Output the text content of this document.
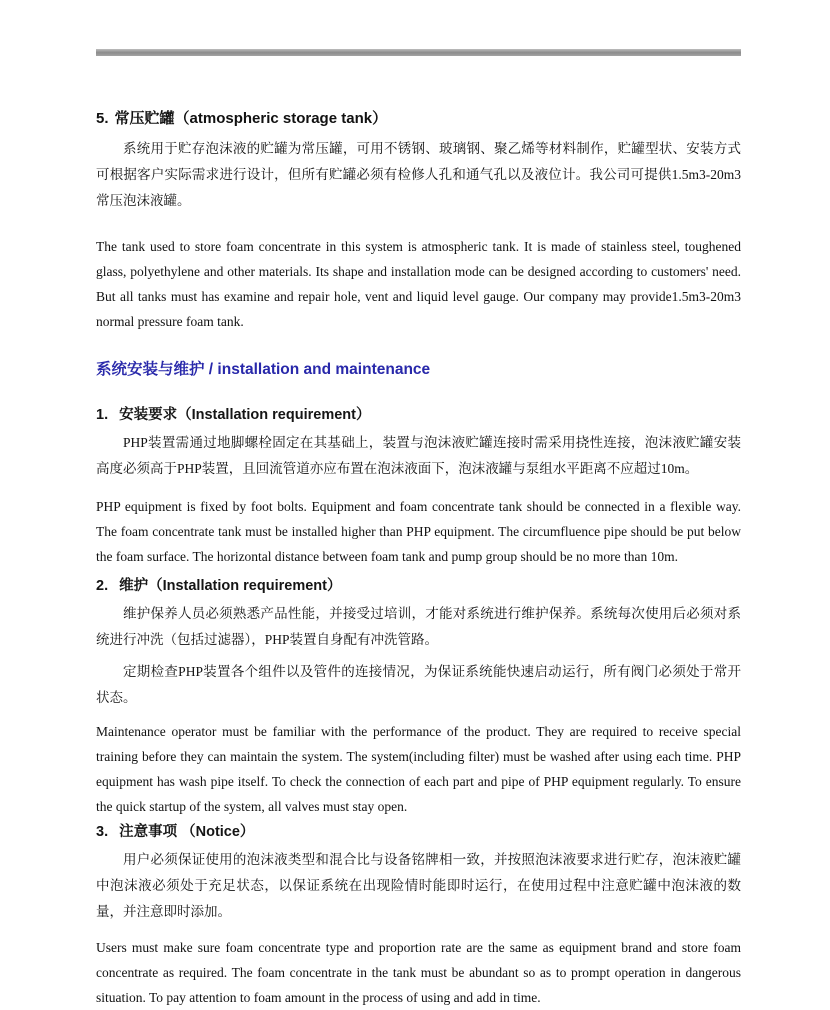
5. 常压贮罐（atmospheric storage tank）

系统用于贮存泡沫液的贮罐为常压罐，可用不锈钢、玻璃钢、聚乙烯等材料制作，贮罐型状、安装方式可根据客户实际需求进行设计，但所有贮罐必须有检修人孔和通气孔以及液位计。我公司可提供1.5m3-20m3常压泡沫液罐。

The tank used to store foam concentrate in this system is atmospheric tank. It is made of stainless steel, toughened glass, polyethylene and other materials. Its shape and installation mode can be designed according to customers' need. But all tanks must has examine and repair hole, vent and liquid level gauge. Our company may provide1.5m3-20m3 normal pressure foam tank.

系统安装与维护 / installation and maintenance
1. 安装要求（Installation requirement）

PHP装置需通过地脚螺栓固定在其基础上，装置与泡沫液贮罐连接时需采用挠性连接，泡沫液贮罐安装高度必须高于PHP装置，且回流管道亦应布置在泡沫液面下，泡沫液罐与泵组水平距离不应超过10m。

PHP equipment is fixed by foot bolts. Equipment and foam concentrate tank should be connected in a flexible way. The foam concentrate tank must be installed higher than PHP equipment. The circumfluence pipe should be put below the foam surface. The horizontal distance between foam tank and pump group should be no more than 10m.

2. 维护（Installation requirement）

维护保养人员必须熟悉产品性能，并接受过培训，才能对系统进行维护保养。系统每次使用后必须对系统进行冲洗（包括过滤器），PHP装置自身配有冲洗管路。

定期检查PHP装置各个组件以及管件的连接情况，为保证系统能快速启动运行，所有阀门必须处于常开状态。

Maintenance operator must be familiar with the performance of the product. They are required to receive special training before they can maintain the system. The system(including filter) must be washed after using each time. PHP equipment has wash pipe itself. To check the connection of each part and pipe of PHP equipment regularly. To ensure the quick startup of the system, all valves must stay open.

3. 注意事项 （Notice）

用户必须保证使用的泡沫液类型和混合比与设备铭牌相一致，并按照泡沫液要求进行贮存，泡沫液贮罐中泡沫液必须处于充足状态，以保证系统在出现险情时能即时运行，在使用过程中注意贮罐中泡沫液的数量，并注意即时添加。

Users must make sure foam concentrate type and proportion rate are the same as equipment brand and store foam concentrate as required. The foam concentrate in the tank must be abundant so as to prompt operation in dangerous situation. To pay attention to foam amount in the process of using and add in time.
